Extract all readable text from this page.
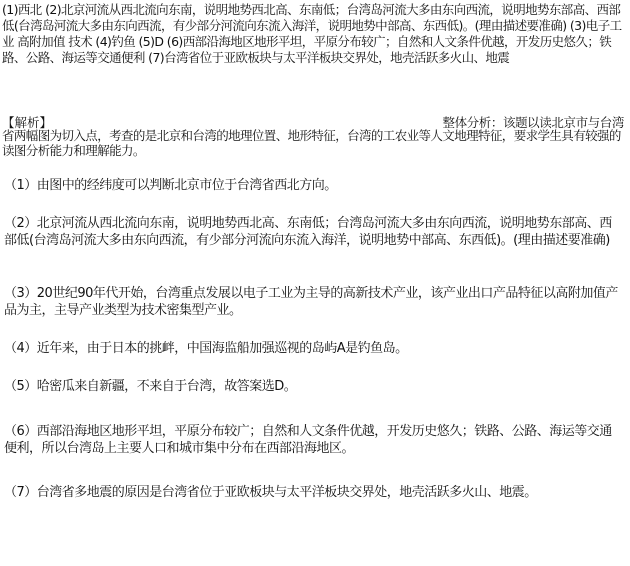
(1)西北 (2)北京河流从西北流向东南，说明地势西北高、东南低；台湾岛河流大多由东向西流，说明地势东部高、西部低(台湾岛河流大多由东向西流，有少部分河流向东流入海洋，说明地势中部高、东西低)。(理由描述要准确) (3)电子工业 高附加值 技术 (4)钓鱼 (5)D (6)西部沿海地区地形平坦，平原分布较广；自然和人文条件优越，开发历史悠久；铁路、公路、海运等交通便利 (7)台湾省位于亚欧板块与太平洋板块交界处，地壳活跃多火山、地震
【解析】	整体分析：该题以读北京市与台湾
省两幅图为切入点，考查的是北京和台湾的地理位置、地形特征，台湾的工农业等人文地理特征，要求学生具有较强的读图分析能力和理解能力。
（1）由图中的经纬度可以判断北京市位于台湾省西北方向。
（2）北京河流从西北流向东南，说明地势西北高、东南低；台湾岛河流大多由东向西流，说明地势东部高、西部低(台湾岛河流大多由东向西流，有少部分河流向东流入海洋，说明地势中部高、东西低)。(理由描述要准确)
（3）20世纪90年代开始，台湾重点发展以电子工业为主导的高新技术产业，该产业出口产品特征以高附加值产品为主，主导产业类型为技术密集型产业。
（4）近年来，由于日本的挑衅，中国海监船加强巡视的岛屿A是钓鱼岛。
（5）哈密瓜来自新疆，不来自于台湾，故答案选D。
（6）西部沿海地区地形平坦，平原分布较广；自然和人文条件优越，开发历史悠久；铁路、公路、海运等交通便利，所以台湾岛上主要人口和城市集中分布在西部沿海地区。
（7）台湾省多地震的原因是台湾省位于亚欧板块与太平洋板块交界处，地壳活跃多火山、地震。
